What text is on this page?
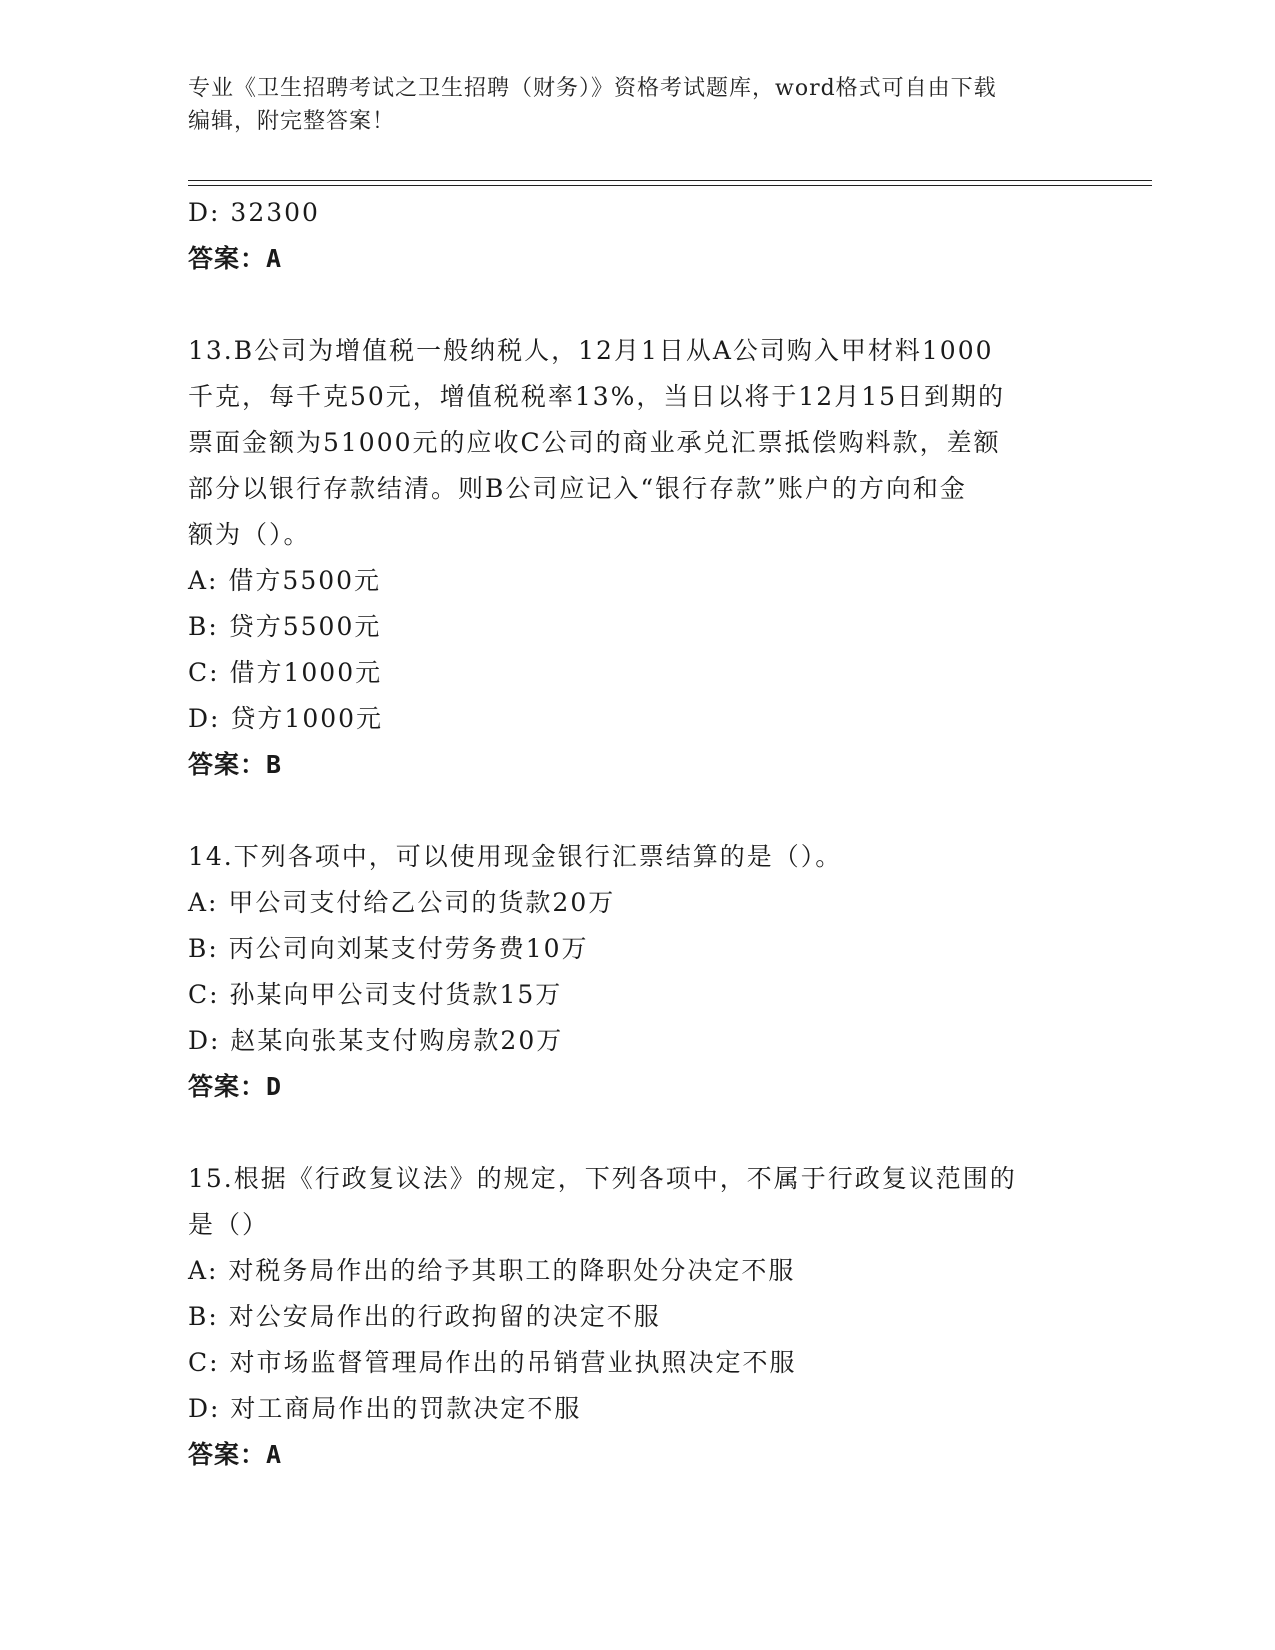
专业《卫生招聘考试之卫生招聘（财务）》资格考试题库，word格式可自由下载
编辑，附完整答案！
D: 32300
答案：A
13.B公司为增值税一般纳税人，12月1日从A公司购入甲材料1000
千克，每千克50元，增值税税率13%，当日以将于12月15日到期的
票面金额为51000元的应收C公司的商业承兑汇票抵偿购料款，差额
部分以银行存款结清。则B公司应记入“银行存款”账户的方向和金
额为（）。
A: 借方5500元
B: 贷方5500元
C: 借方1000元
D: 贷方1000元
答案：B
14.下列各项中，可以使用现金银行汇票结算的是（）。
A: 甲公司支付给乙公司的货款20万
B: 丙公司向刘某支付劳务费10万
C: 孙某向甲公司支付货款15万
D: 赵某向张某支付购房款20万
答案：D
15.根据《行政复议法》的规定，下列各项中，不属于行政复议范围的
是（）
A: 对税务局作出的给予其职工的降职处分决定不服
B: 对公安局作出的行政拘留的决定不服
C: 对市场监督管理局作出的吊销营业执照决定不服
D: 对工商局作出的罚款决定不服
答案：A
